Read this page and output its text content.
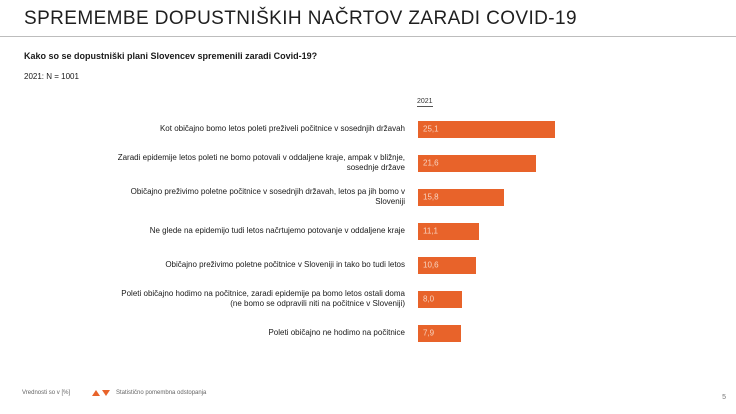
SPREMEMBE DOPUSTNIŠKIH NAČRTOV ZARADI COVID-19
Kako so se dopustniški plani Slovencev spremenili zaradi Covid-19?
2021: N = 1001
2021
Kot običajno bomo letos poleti preživeli počitnice v sosednjih državah 25,1
Zaradi epidemije letos poleti ne bomo potovali v oddaljene kraje, ampak v bližnje, sosednje države 21,6
Običajno preživimo poletne počitnice v sosednjih državah, letos pa jih bomo v Sloveniji 15,8
Ne glede na epidemijo tudi letos načrtujemo potovanje v oddaljene kraje 11,1
Običajno preživimo poletne počitnice v Sloveniji in tako bo tudi letos 10,6
Poleti običajno hodimo na počitnice, zaradi epidemije pa bomo letos ostali doma (ne bomo se odpravili niti na počitnice v Sloveniji) 8,0
Poleti običajno ne hodimo na počitnice 7,9
Vrednosti so v [%]	Statistično pomembna odstopanja
5
